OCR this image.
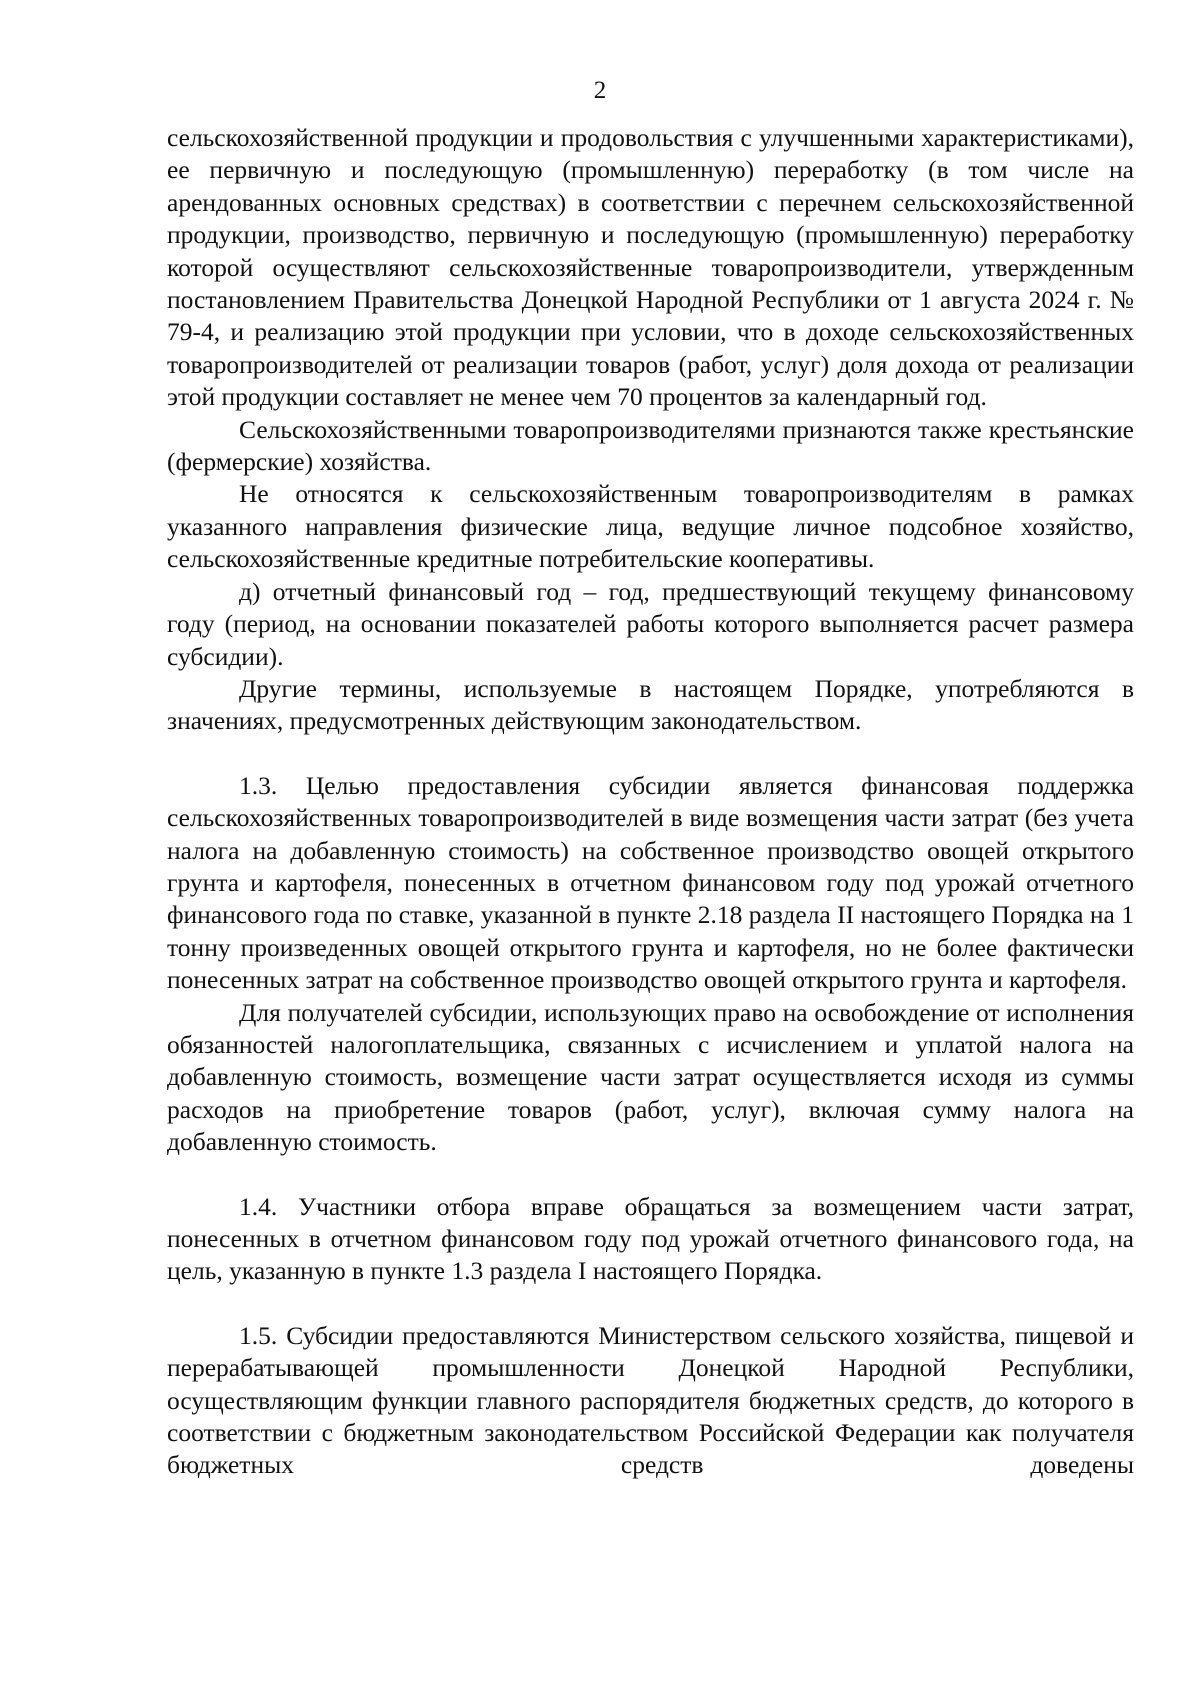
2

сельскохозяйственной продукции и продовольствия с улучшенными характеристиками), ее первичную и последующую (промышленную) переработку (в том числе на арендованных основных средствах) в соответствии с перечнем сельскохозяйственной продукции, производство, первичную и последующую (промышленную) переработку которой осуществляют сельскохозяйственные товаропроизводители, утвержденным постановлением Правительства Донецкой Народной Республики от 1 августа 2024 г. № 79-4, и реализацию этой продукции при условии, что в доходе сельскохозяйственных товаропроизводителей от реализации товаров (работ, услуг) доля дохода от реализации этой продукции составляет не менее чем 70 процентов за календарный год.

Сельскохозяйственными товаропроизводителями признаются также крестьянские (фермерские) хозяйства.

Не относятся к сельскохозяйственным товаропроизводителям в рамках указанного направления физические лица, ведущие личное подсобное хозяйство, сельскохозяйственные кредитные потребительские кооперативы.

д) отчетный финансовый год – год, предшествующий текущему финансовому году (период, на основании показателей работы которого выполняется расчет размера субсидии).

Другие термины, используемые в настоящем Порядке, употребляются в значениях, предусмотренных действующим законодательством.

1.3. Целью предоставления субсидии является финансовая поддержка сельскохозяйственных товаропроизводителей в виде возмещения части затрат (без учета налога на добавленную стоимость) на собственное производство овощей открытого грунта и картофеля, понесенных в отчетном финансовом году под урожай отчетного финансового года по ставке, указанной в пункте 2.18 раздела II настоящего Порядка на 1 тонну произведенных овощей открытого грунта и картофеля, но не более фактически понесенных затрат на собственное производство овощей открытого грунта и картофеля.

Для получателей субсидии, использующих право на освобождение от исполнения обязанностей налогоплательщика, связанных с исчислением и уплатой налога на добавленную стоимость, возмещение части затрат осуществляется исходя из суммы расходов на приобретение товаров (работ, услуг), включая сумму налога на добавленную стоимость.

1.4. Участники отбора вправе обращаться за возмещением части затрат, понесенных в отчетном финансовом году под урожай отчетного финансового года, на цель, указанную в пункте 1.3 раздела I настоящего Порядка.

1.5. Субсидии предоставляются Министерством сельского хозяйства, пищевой и перерабатывающей промышленности Донецкой Народной Республики, осуществляющим функции главного распорядителя бюджетных средств, до которого в соответствии с бюджетным законодательством Российской Федерации как получателя бюджетных средств доведены
